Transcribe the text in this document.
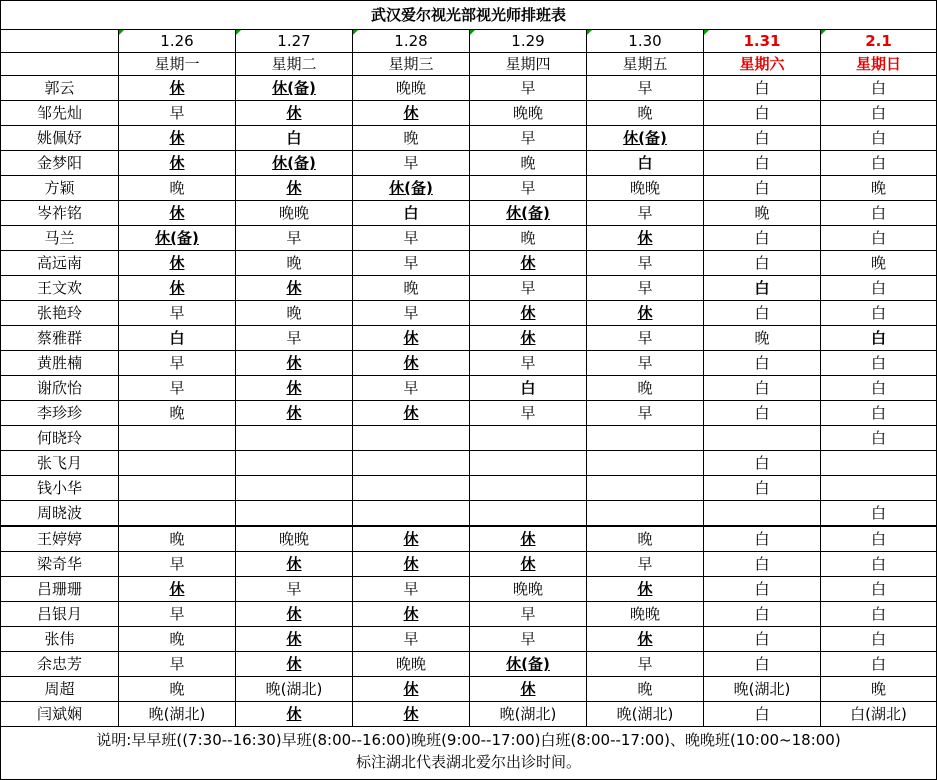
武汉爱尔视光部视光师排班表							
	1.26	1.27	1.28	1.29	1.30	1.31	2.1
	星期一	星期二	星期三	星期四	星期五	星期六	星期日
郭云	休	休(备)	晚晚	早	早	白	白
邹先灿	早	休	休	晚晚	晚	白	白
姚佩妤	休	白	晚	早	休(备)	白	白
金梦阳	休	休(备)	早	晚	白	白	白
方颖	晚	休	休(备)	早	晚晚	白	晚
岑祚铭	休	晚晚	白	休(备)	早	晚	白
马兰	休(备)	早	早	晚	休	白	白
高远南	休	晚	早	休	早	白	晚
王文欢	休	休	晚	早	早	白	白
张艳玲	早	晚	早	休	休	白	白
蔡雅群	白	早	休	休	早	晚	白
黄胜楠	早	休	休	早	早	白	白
谢欣怡	早	休	早	白	晚	白	白
李珍珍	晚	休	休	早	早	白	白
何晓玲							白
张飞月						白	
钱小华						白	
周晓波							白
王婷婷	晚	晚晚	休	休	晚	白	白
梁奇华	早	休	休	休	早	白	白
吕珊珊	休	早	早	晚晚	休	白	白
吕银月	早	休	休	早	晚晚	白	白
张伟	晚	休	早	早	休	白	白
余忠芳	早	休	晚晚	休(备)	早	白	白
周超	晚	晚(湖北)	休	休	晚	晚(湖北)	晚
闫斌娴	晚(湖北)	休	休	晚(湖北)	晚(湖北)	白	白(湖北)

说明:早早班((7:30--16:30)早班(8:00--16:00)晚班(9:00--17:00)白班(8:00--17:00)、晚晚班(10:00~18:00)
标注湖北代表湖北爱尔出诊时间。							
